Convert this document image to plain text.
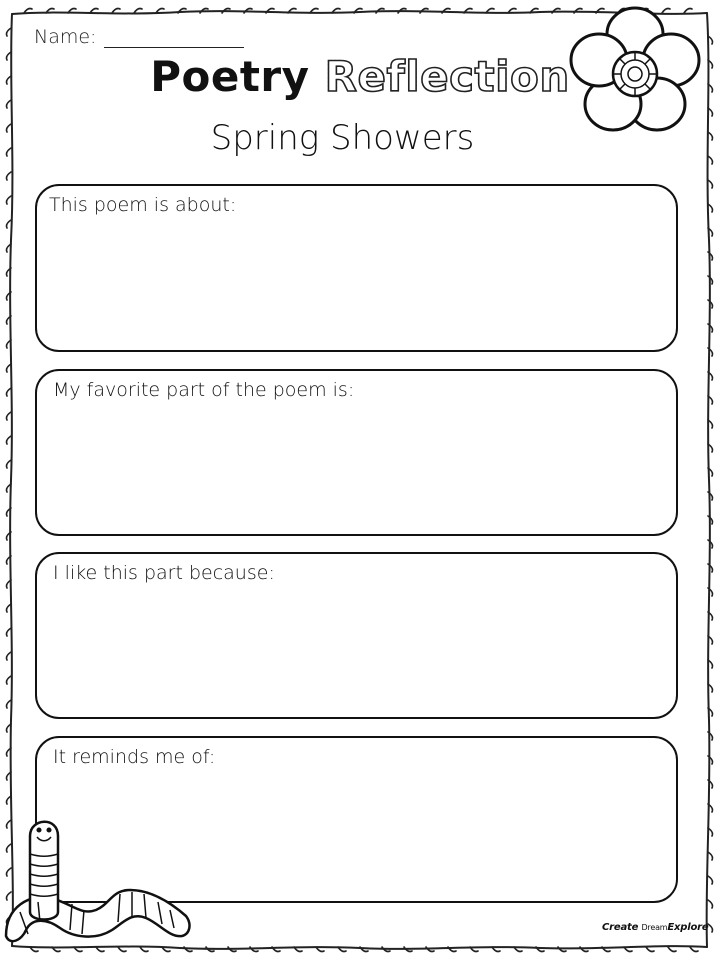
Name:
Poetry Reflection
Spring Showers
This poem is about:
My favorite part of the poem is:
I like this part because:
It reminds me of:
Create DreamExplore
